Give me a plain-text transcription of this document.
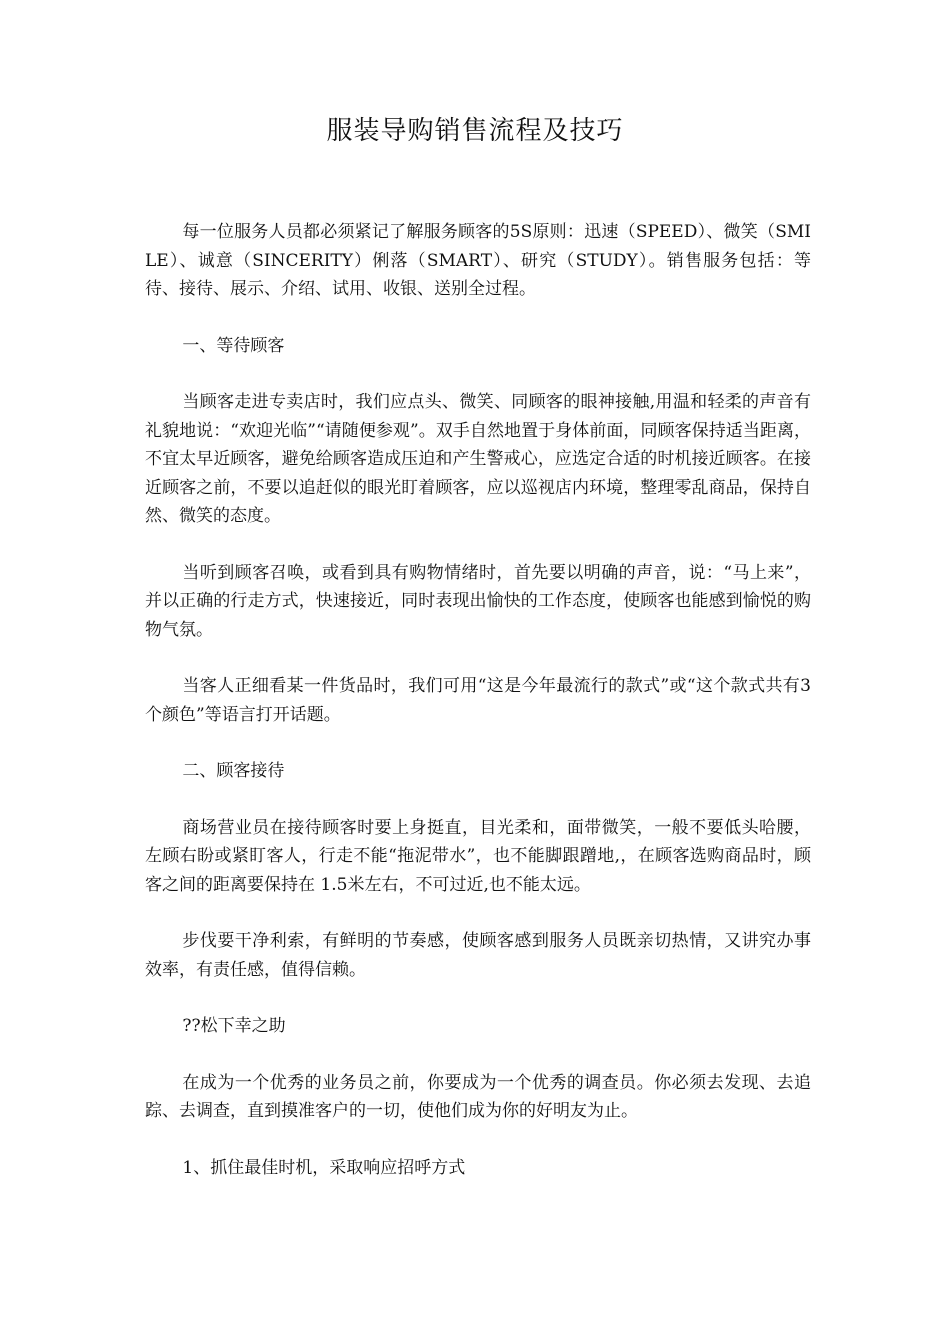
服装导购销售流程及技巧

每一位服务人员都必须紧记了解服务顾客的5S原则：迅速（SPEED）、微笑（SMILE）、诚意（SINCERITY）俐落（SMART）、研究（STUDY）。销售服务包括：等待、接待、展示、介绍、试用、收银、送别全过程。

一、等待顾客

当顾客走进专卖店时，我们应点头、微笑、同顾客的眼神接触,用温和轻柔的声音有礼貌地说：“欢迎光临”“请随便参观”。双手自然地置于身体前面，同顾客保持适当距离，不宜太早近顾客，避免给顾客造成压迫和产生警戒心，应选定合适的时机接近顾客。在接近顾客之前，不要以追赶似的眼光盯着顾客，应以巡视店内环境，整理零乱商品，保持自然、微笑的态度。

当听到顾客召唤，或看到具有购物情绪时，首先要以明确的声音，说：“马上来”，并以正确的行走方式，快速接近，同时表现出愉快的工作态度，使顾客也能感到愉悦的购物气氛。

当客人正细看某一件货品时，我们可用“这是今年最流行的款式”或“这个款式共有3个颜色”等语言打开话题。

二、顾客接待

商场营业员在接待顾客时要上身挺直，目光柔和，面带微笑，一般不要低头哈腰，左顾右盼或紧盯客人，行走不能“拖泥带水”，也不能脚跟蹭地,，在顾客选购商品时，顾客之间的距离要保持在 1.5米左右，不可过近,也不能太远。

步伐要干净利索，有鲜明的节奏感，使顾客感到服务人员既亲切热情，又讲究办事效率，有责任感，值得信赖。

??松下幸之助

在成为一个优秀的业务员之前，你要成为一个优秀的调查员。你必须去发现、去追踪、去调查，直到摸准客户的一切，使他们成为你的好明友为止。

1、抓住最佳时机，采取响应招呼方式
